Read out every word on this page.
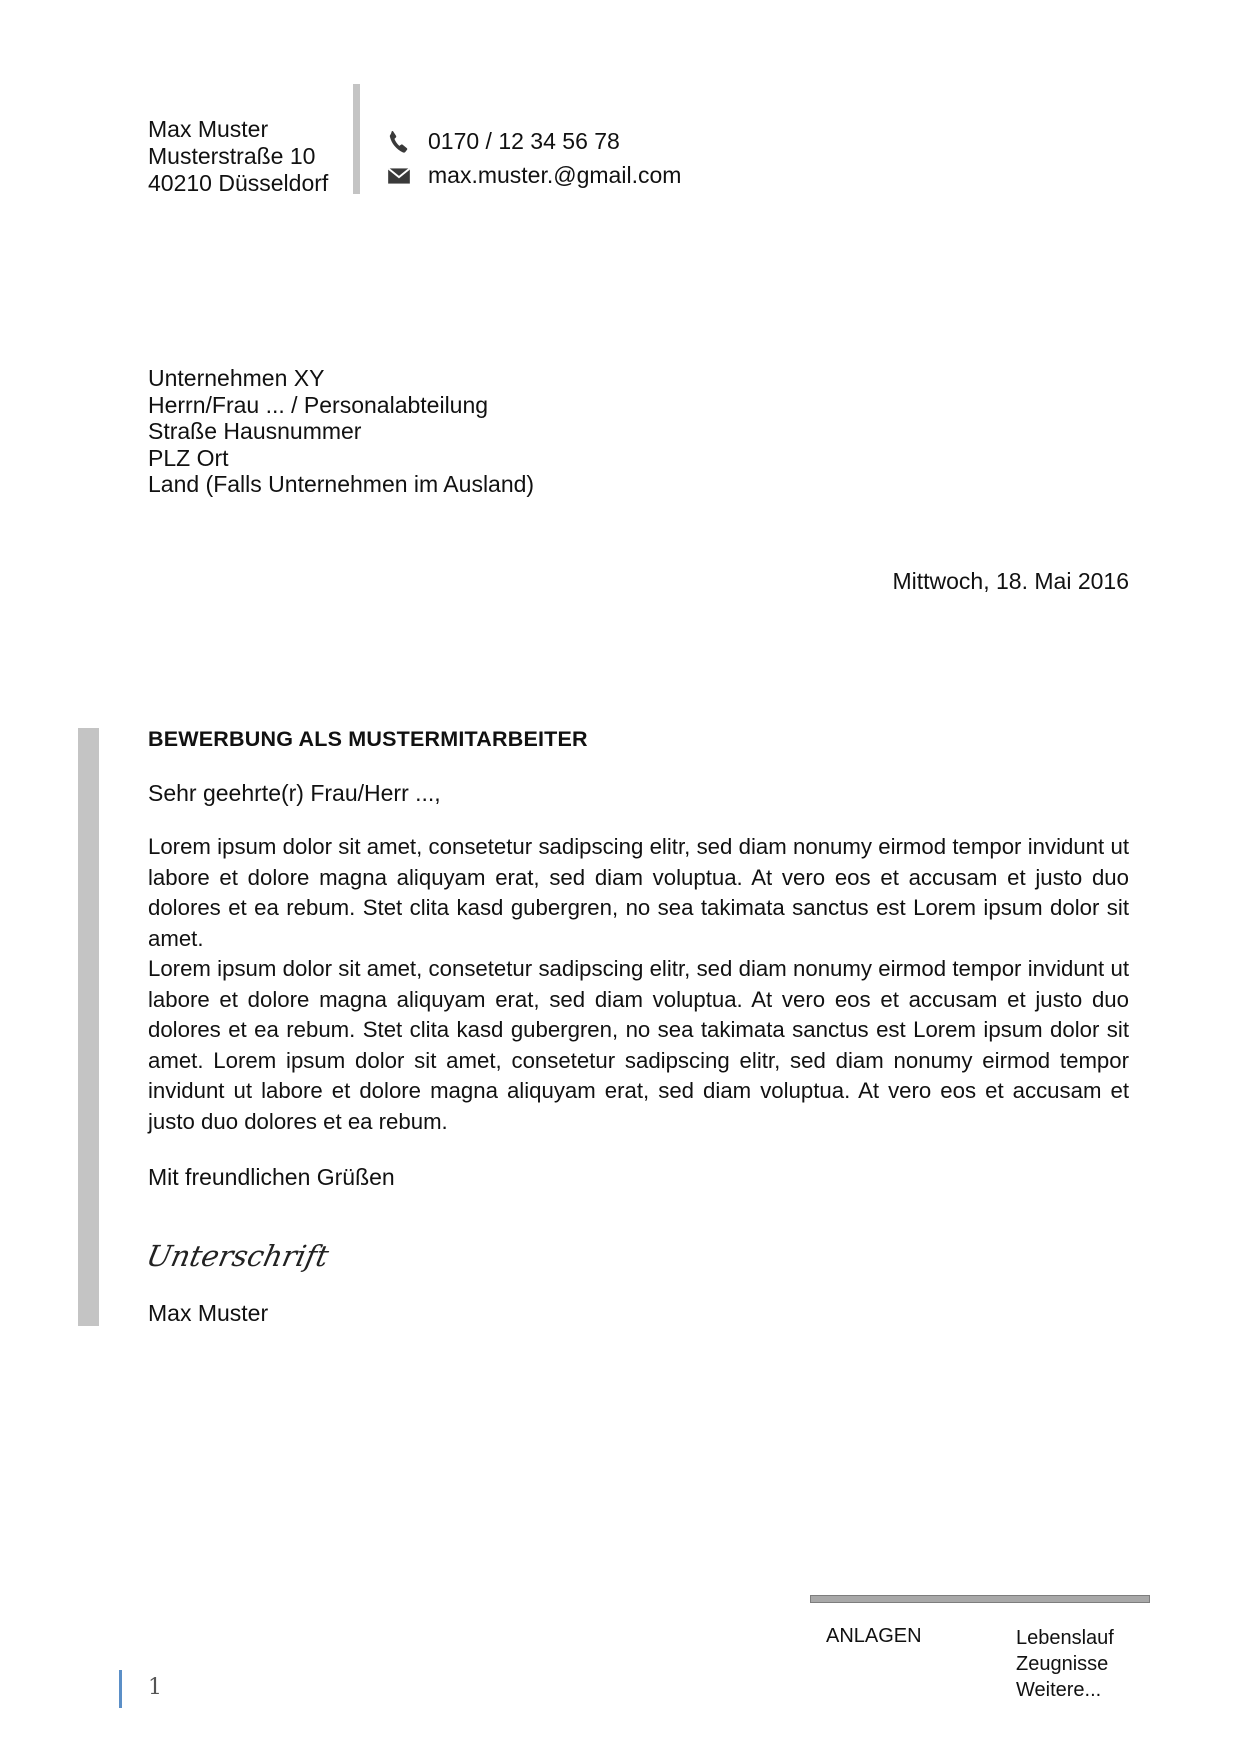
Max Muster
Musterstraße 10
40210 Düsseldorf
0170 / 12 34 56 78
max.muster.@gmail.com
Unternehmen XY
Herrn/Frau ... / Personalabteilung
Straße Hausnummer
PLZ Ort
Land (Falls Unternehmen im Ausland)
Mittwoch, 18. Mai 2016
BEWERBUNG ALS MUSTERMITARBEITER
Sehr geehrte(r) Frau/Herr ...,

Lorem ipsum dolor sit amet, consetetur sadipscing elitr, sed diam nonumy eirmod tempor invidunt ut labore et dolore magna aliquyam erat, sed diam voluptua. At vero eos et accusam et justo duo dolores et ea rebum. Stet clita kasd gubergren, no sea takimata sanctus est Lorem ipsum dolor sit amet.

Lorem ipsum dolor sit amet, consetetur sadipscing elitr, sed diam nonumy eirmod tempor invidunt ut labore et dolore magna aliquyam erat, sed diam voluptua. At vero eos et accusam et justo duo dolores et ea rebum. Stet clita kasd gubergren, no sea takimata sanctus est Lorem ipsum dolor sit amet. Lorem ipsum dolor sit amet, consetetur sadipscing elitr, sed diam nonumy eirmod tempor invidunt ut labore et dolore magna aliquyam erat, sed diam voluptua. At vero eos et accusam et justo duo dolores et ea rebum.

Mit freundlichen Grüßen
Unterschrift
Max Muster
ANLAGEN	Lebenslauf
Zeugnisse
Weitere...
1
